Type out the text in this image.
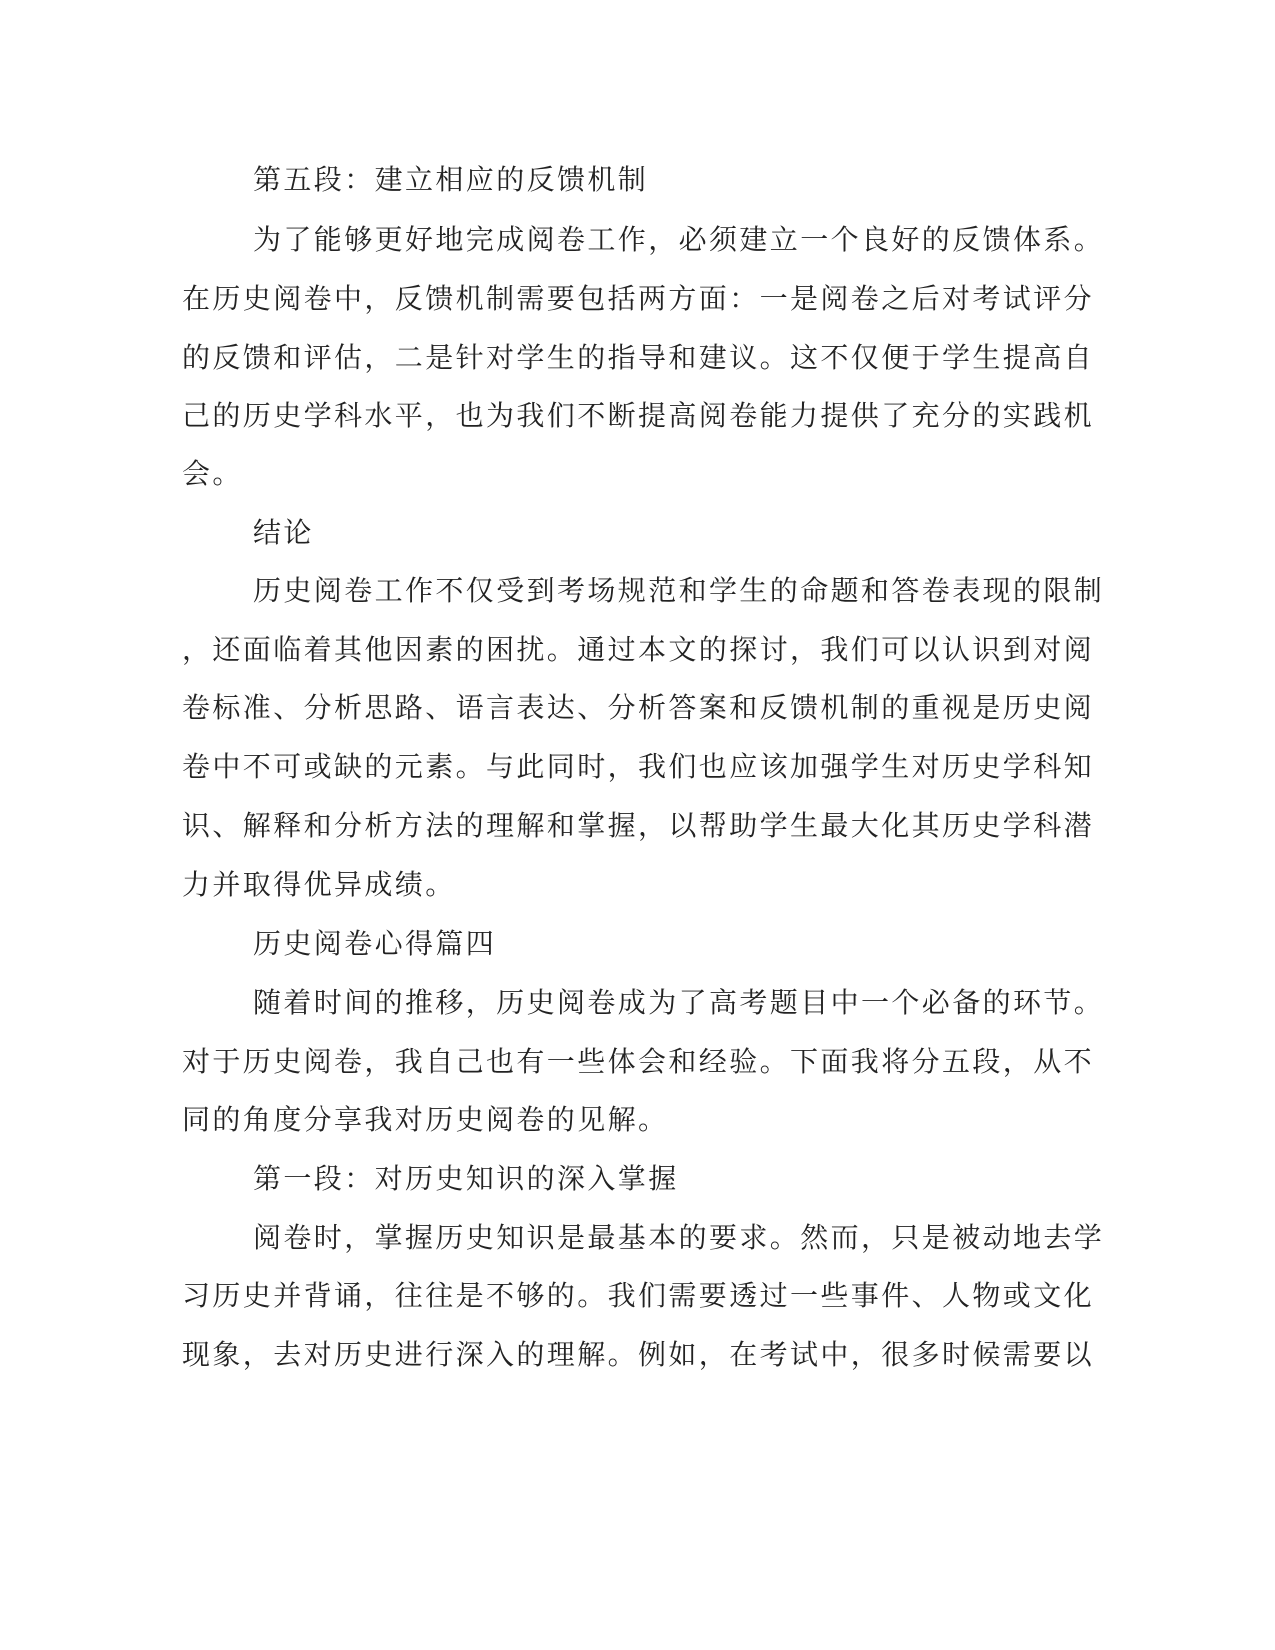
第五段：建立相应的反馈机制
为了能够更好地完成阅卷工作，必须建立一个良好的反馈体系。
在历史阅卷中，反馈机制需要包括两方面：一是阅卷之后对考试评分
的反馈和评估，二是针对学生的指导和建议。这不仅便于学生提高自
己的历史学科水平，也为我们不断提高阅卷能力提供了充分的实践机
会。
结论
历史阅卷工作不仅受到考场规范和学生的命题和答卷表现的限制
，还面临着其他因素的困扰。通过本文的探讨，我们可以认识到对阅
卷标准、分析思路、语言表达、分析答案和反馈机制的重视是历史阅
卷中不可或缺的元素。与此同时，我们也应该加强学生对历史学科知
识、解释和分析方法的理解和掌握，以帮助学生最大化其历史学科潜
力并取得优异成绩。
历史阅卷心得篇四
随着时间的推移，历史阅卷成为了高考题目中一个必备的环节。
对于历史阅卷，我自己也有一些体会和经验。下面我将分五段，从不
同的角度分享我对历史阅卷的见解。
第一段：对历史知识的深入掌握
阅卷时，掌握历史知识是最基本的要求。然而，只是被动地去学
习历史并背诵，往往是不够的。我们需要透过一些事件、人物或文化
现象，去对历史进行深入的理解。例如，在考试中，很多时候需要以
